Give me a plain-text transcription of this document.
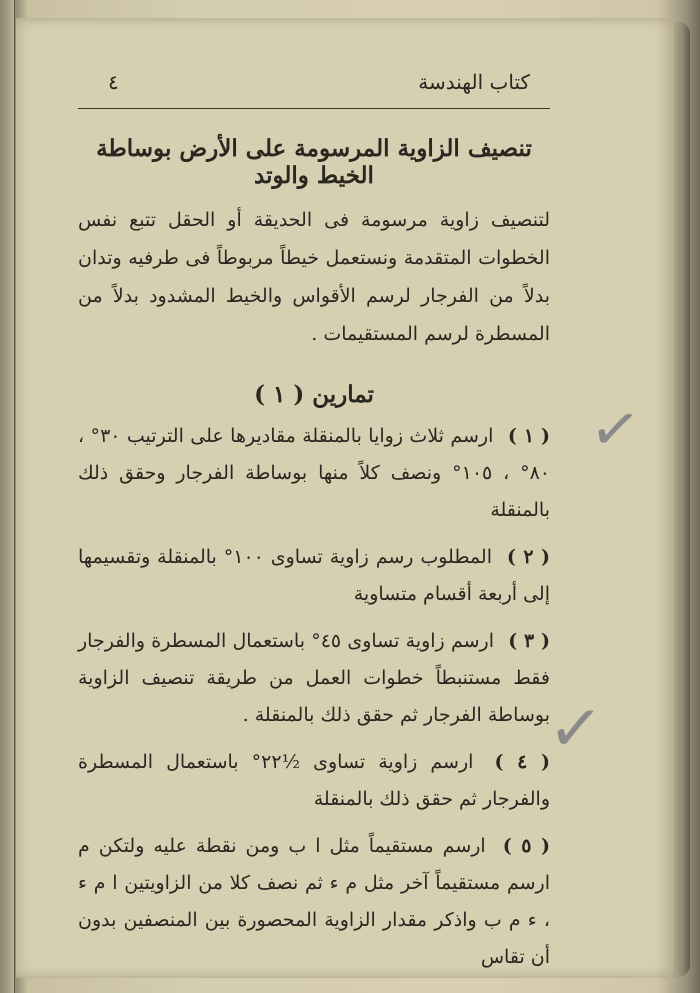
كتاب الهندسة
٤
تنصيف الزاوية المرسومة على الأرض بوساطة الخيط والوتد
لتنصيف زاوية مرسومة فى الحديقة أو الحقل تتبع نفس الخطوات المتقدمة ونستعمل خيطاً مربوطاً فى طرفيه وتدان بدلاً من الفرجار لرسم الأقواس والخيط المشدود بدلاً من المسطرة لرسم المستقيمات .
تمارين ( ١ )
( ١ ) ارسم ثلاث زوايا بالمنقلة مقاديرها على الترتيب ٣٠° ، ٨٠° ، ١٠٥° ونصف كلاً منها بوساطة الفرجار وحقق ذلك بالمنقلة
( ٢ ) المطلوب رسم زاوية تساوى ١٠٠° بالمنقلة وتقسيمها إلى أربعة أقسام متساوية
( ٣ ) ارسم زاوية تساوى ٤٥° باستعمال المسطرة والفرجار فقط مستنبطاً خطوات العمل من طريقة تنصيف الزاوية بوساطة الفرجار ثم حقق ذلك بالمنقلة .
( ٤ ) ارسم زاوية تساوى ½٢٢° باستعمال المسطرة والفرجار ثم حقق ذلك بالمنقلة
( ٥ ) ارسم مستقيماً مثل ا ب ومن نقطة عليه ولتكن م ارسم مستقيماً آخر مثل م ء ثم نصف كلا من الزاويتين ا م ء ، ء م ب واذكر مقدار الزاوية المحصورة بين المنصفين بدون أن تقاس
✓
✓
